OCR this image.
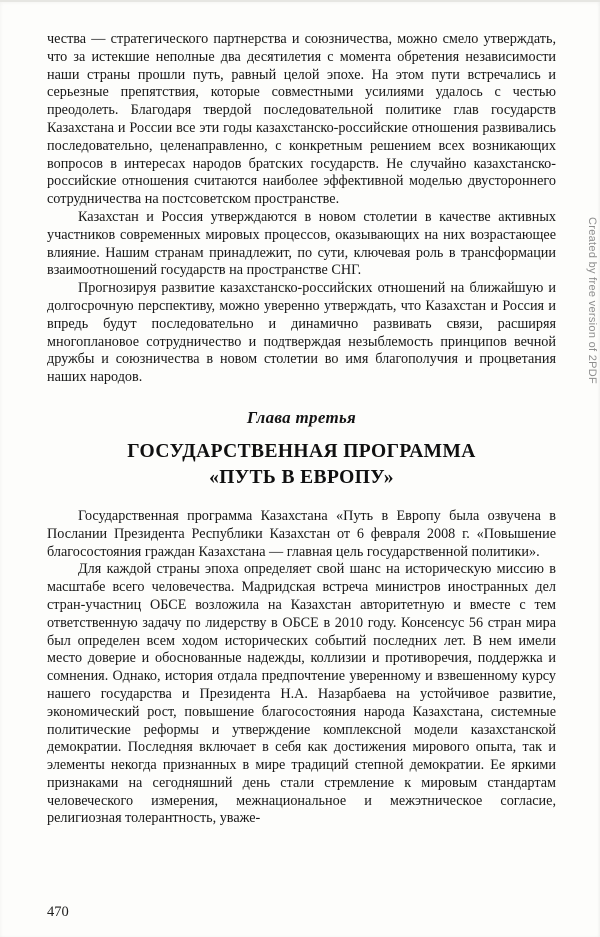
Created by free version of 2PDF

чества — стратегического партнерства и союзничества, можно смело утверждать, что за истекшие неполные два десятилетия с момента обретения независимости наши страны прошли путь, равный целой эпохе. На этом пути встречались и серьезные препятствия, которые совместными усилиями удалось с честью преодолеть. Благодаря твердой последовательной политике глав государств Казахстана и России все эти годы казахстанско-российские отношения развивались последовательно, целенаправленно, с конкретным решением всех возникающих вопросов в интересах народов братских государств. Не случайно казахстанско-российские отношения считаются наиболее эффективной моделью двустороннего сотрудничества на постсоветском пространстве.

Казахстан и Россия утверждаются в новом столетии в качестве активных участников современных мировых процессов, оказывающих на них возрастающее влияние. Нашим странам принадлежит, по сути, ключевая роль в трансформации взаимоотношений государств на пространстве СНГ.

Прогнозируя развитие казахстанско-российских отношений на ближайшую и долгосрочную перспективу, можно уверенно утверждать, что Казахстан и Россия и впредь будут последовательно и динамично развивать связи, расширяя многоплановое сотрудничество и подтверждая незыблемость принципов вечной дружбы и союзничества в новом столетии во имя благополучия и процветания наших народов.

Глава третья
ГОСУДАРСТВЕННАЯ ПРОГРАММА
«ПУТЬ В ЕВРОПУ»

Государственная программа Казахстана «Путь в Европу была озвучена в Послании Президента Республики Казахстан от 6 февраля 2008 г. «Повышение благосостояния граждан Казахстана — главная цель государственной политики».

Для каждой страны эпоха определяет свой шанс на историческую миссию в масштабе всего человечества. Мадридская встреча министров иностранных дел стран-участниц ОБСЕ возложила на Казахстан авторитетную и вместе с тем ответственную задачу по лидерству в ОБСЕ в 2010 году. Консенсус 56 стран мира был определен всем ходом исторических событий последних лет. В нем имели место доверие и обоснованные надежды, коллизии и противоречия, поддержка и сомнения. Однако, история отдала предпочтение уверенному и взвешенному курсу нашего государства и Президента Н.А. Назарбаева на устойчивое развитие, экономический рост, повышение благосостояния народа Казахстана, системные политические реформы и утверждение комплексной модели казахстанской демократии. Последняя включает в себя как достижения мирового опыта, так и элементы некогда признанных в мире традиций степной демократии. Ее яркими признаками на сегодняшний день стали стремление к мировым стандартам человеческого измерения, межнациональное и межэтническое согласие, религиозная толерантность, уваже-

470
